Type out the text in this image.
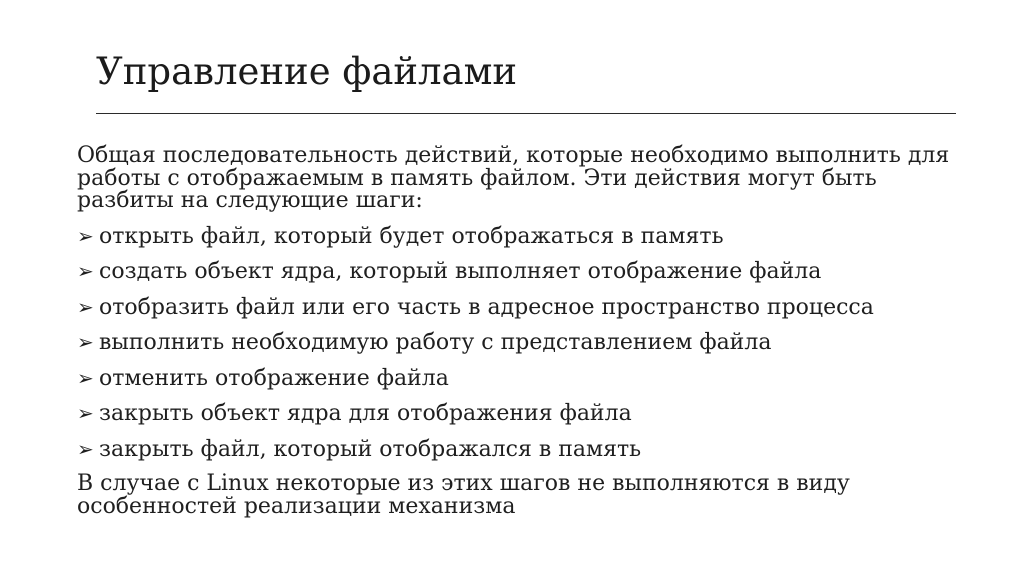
Управление файлами

Общая последовательность действий, которые необходимо выполнить для работы с отображаемым в память файлом. Эти действия могут быть разбиты на следующие шаги:

➢ открыть файл, который будет отображаться в память
➢ создать объект ядра, который выполняет отображение файла
➢ отобразить файл или его часть в адресное пространство процесса
➢ выполнить необходимую работу с представлением файла
➢ отменить отображение файла
➢ закрыть объект ядра для отображения файла
➢ закрыть файл, который отображался в память

В случае с Linux некоторые из этих шагов не выполняются в виду особенностей реализации механизма
